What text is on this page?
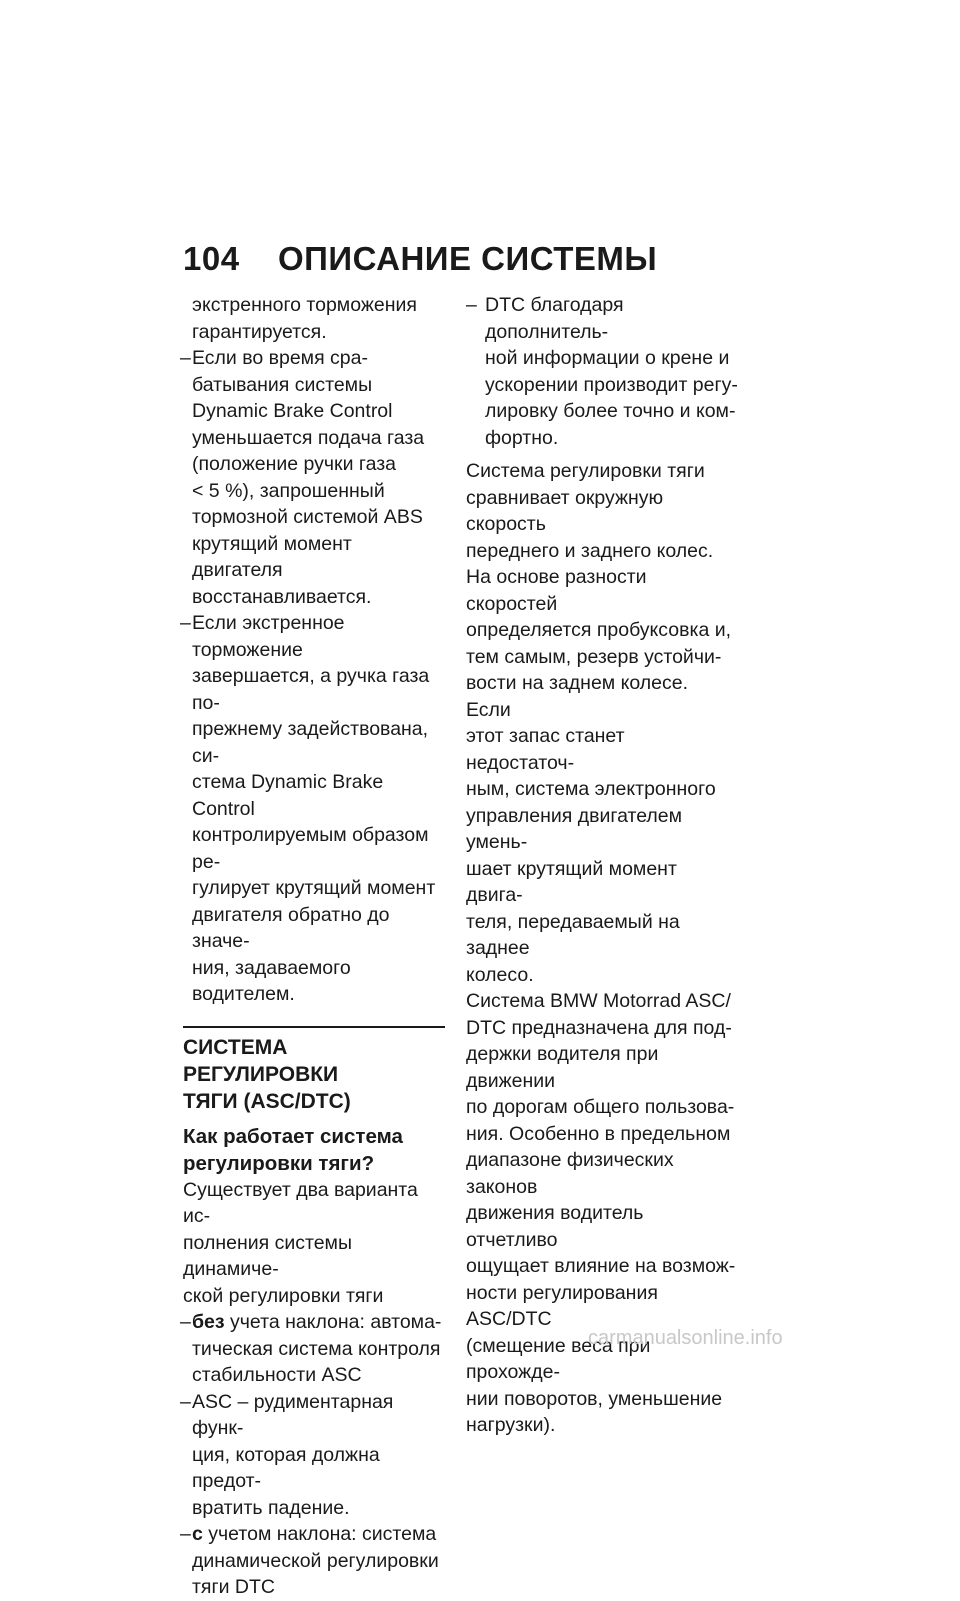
104 ОПИСАНИЕ СИСТЕМЫ
экстренного торможения
гарантируется.
– Если во время сра-
батывания системы
Dynamic Brake Control
уменьшается подача газа
(положение ручки газа
< 5 %), запрошенный
тормозной системой ABS
крутящий момент двигателя
восстанавливается.
– Если экстренное торможение
завершается, а ручка газа по-
прежнему задействована, си-
стема Dynamic Brake Control
контролируемым образом ре-
гулирует крутящий момент
двигателя обратно до значе-
ния, задаваемого водителем.
СИСТЕМА РЕГУЛИРОВКИ
ТЯГИ (ASC/DTC)
Как работает система
регулировки тяги?
Существует два варианта ис-
полнения системы динамиче-
ской регулировки тяги
– без учета наклона: автома-
тическая система контроля
стабильности ASC
– ASC – рудиментарная функ-
ция, которая должна предот-
вратить падение.
– с учетом наклона: система
динамической регулировки
тяги DTC
– DTC благодаря дополнитель-
ной информации о крене и
ускорении производит регу-
лировку более точно и ком-
фортно.
Система регулировки тяги
сравнивает окружную скорость
переднего и заднего колес.
На основе разности скоростей
определяется пробуксовка и,
тем самым, резерв устойчи-
вости на заднем колесе. Если
этот запас станет недостаточ-
ным, система электронного
управления двигателем умень-
шает крутящий момент двига-
теля, передаваемый на заднее
колесо.
Система BMW Motorrad ASC/
DTC предназначена для под-
держки водителя при движении
по дорогам общего пользова-
ния. Особенно в предельном
диапазоне физических законов
движения водитель отчетливо
ощущает влияние на возмож-
ности регулирования ASC/DTC
(смещение веса при прохожде-
нии поворотов, уменьшение
нагрузки).
carmanualsonline.info
